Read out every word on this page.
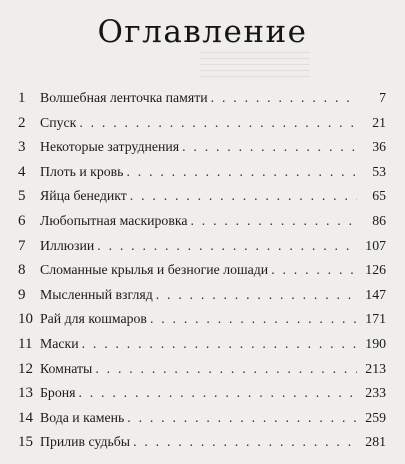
Оглавление
1	Волшебная ленточка памяти . . .	7
2	Спуск . . .	21
3	Некоторые затруднения . . .	36
4	Плоть и кровь . . .	53
5	Яйца бенедикт . . .	65
6	Любопытная маскировка . . .	86
7	Иллюзии . . .	107
8	Сломанные крылья и безногие лошади . . .	126
9	Мысленный взгляд . . .	147
10 Рай для кошмаров . . .	171
11 Маски . . .	190
12 Комнаты . . .	213
13 Броня . . .	233
14 Вода и камень . . .	259
15 Прилив судьбы . . .	281
